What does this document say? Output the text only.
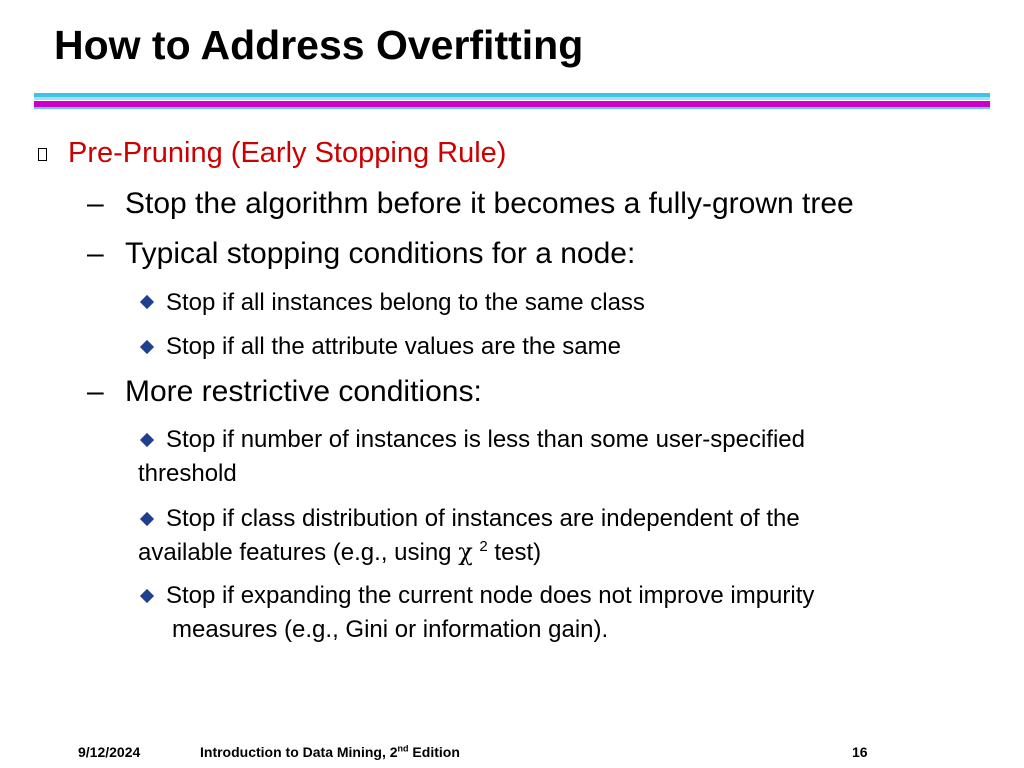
How to Address Overfitting
Pre-Pruning (Early Stopping Rule)
– Stop the algorithm before it becomes a fully-grown tree
– Typical stopping conditions for a node:
Stop if all instances belong to the same class
Stop if all the attribute values are the same
– More restrictive conditions:
Stop if number of instances is less than some user-specified
threshold
Stop if class distribution of instances are independent of the
available features (e.g., using χ $^2$ test)
Stop if expanding the current node does not improve impurity
measures (e.g., Gini or information gain).
9/12/2024	Introduction to Data Mining, 2nd Edition	16
